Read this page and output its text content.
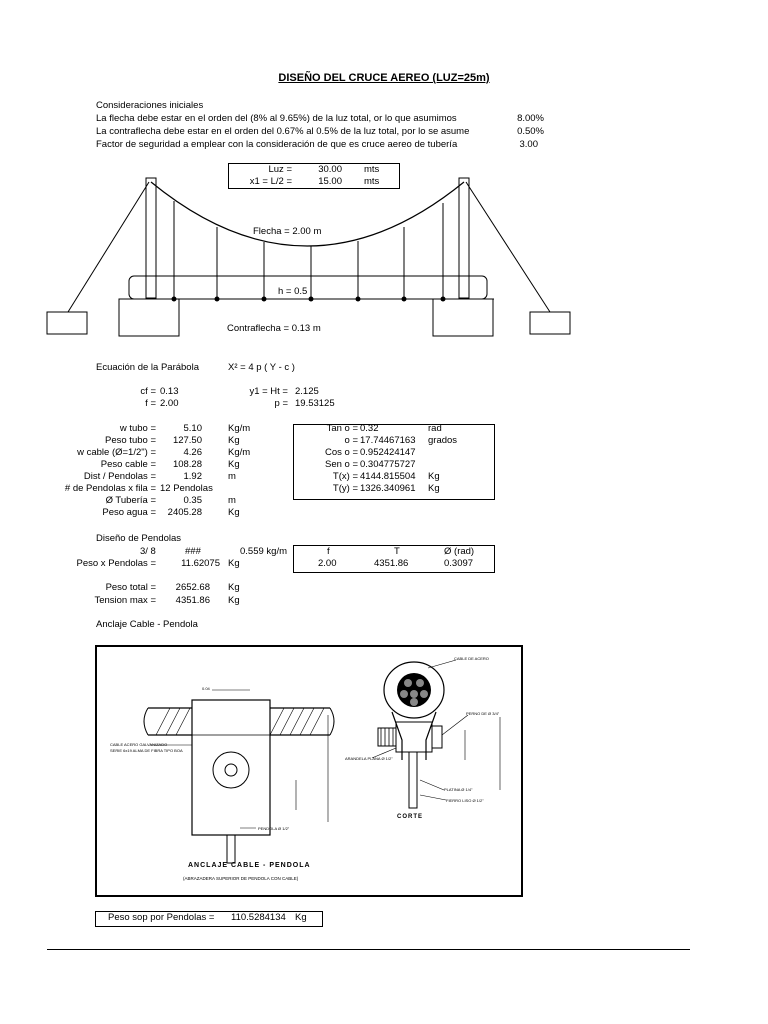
DISEÑO DEL CRUCE AEREO (LUZ=25m)
Consideraciones iniciales
La flecha debe estar en el orden del (8% al 9.65%) de la luz total, or lo que asumimos	8.00%
La contraflecha debe estar en el orden del 0.67% al 0.5% de la luz total, por lo se asume	0.50%
Factor de seguridad a emplear con la consideración de que es cruce aereo de tubería	3.00
Luz =	30.00 mts
x1 = L/2 =	15.00 mts
Flecha = 2.00 m
h = 0.5
Contraflecha = 0.13 m
Ecuación de la Parábola	X² = 4 p ( Y - c )
cf = 0.13	y1 = Ht = 2.125
f = 2.00	p = 19.53125
w tubo =	5.10	Kg/m
Peso tubo =	127.50	Kg
w cable (Ø=1/2") =	4.26	Kg/m
Peso cable =	108.28	Kg
Dist / Pendolas =	1.92	m
# de Pendolas x fila = 12 Pendolas
Ø Tubería =	0.35	m
Peso agua =	2405.28	Kg
Tan o = 0.32	rad
o = 17.74467163 grados
Cos o = 0.952424147
Sen o = 0.304775727
T(x) = 4144.815504 Kg
T(y) = 1326.340961 Kg
Diseño de Pendolas
3/ 8	###	0.559 kg/m
Peso x Pendolas =	11.62075 Kg
f	T	Ø (rad)
2.00	4351.86	0.3097
Peso total =	2652.68 Kg
Tension max =	4351.86 Kg
Anclaje Cable - Pendola
0.04
CABLE ACERO GALVANIZADO
SERIE 6x19 ALMA DE FIBRA TIPO BOA
PENDOLA Ø 1/2"
CABLE DE ACERO
PERNO DE Ø 3/4"
ARANDELA PLANA Ø 1/2"
PLATINA Ø 1/4"
FIERRO LISO Ø 1/2"
CORTE
ANCLAJE CABLE - PENDOLA
(ABRAZADERA SUPERIOR DE PENDOLA CON CABLE)
Peso sop por Pendolas = 110.5284134 Kg
